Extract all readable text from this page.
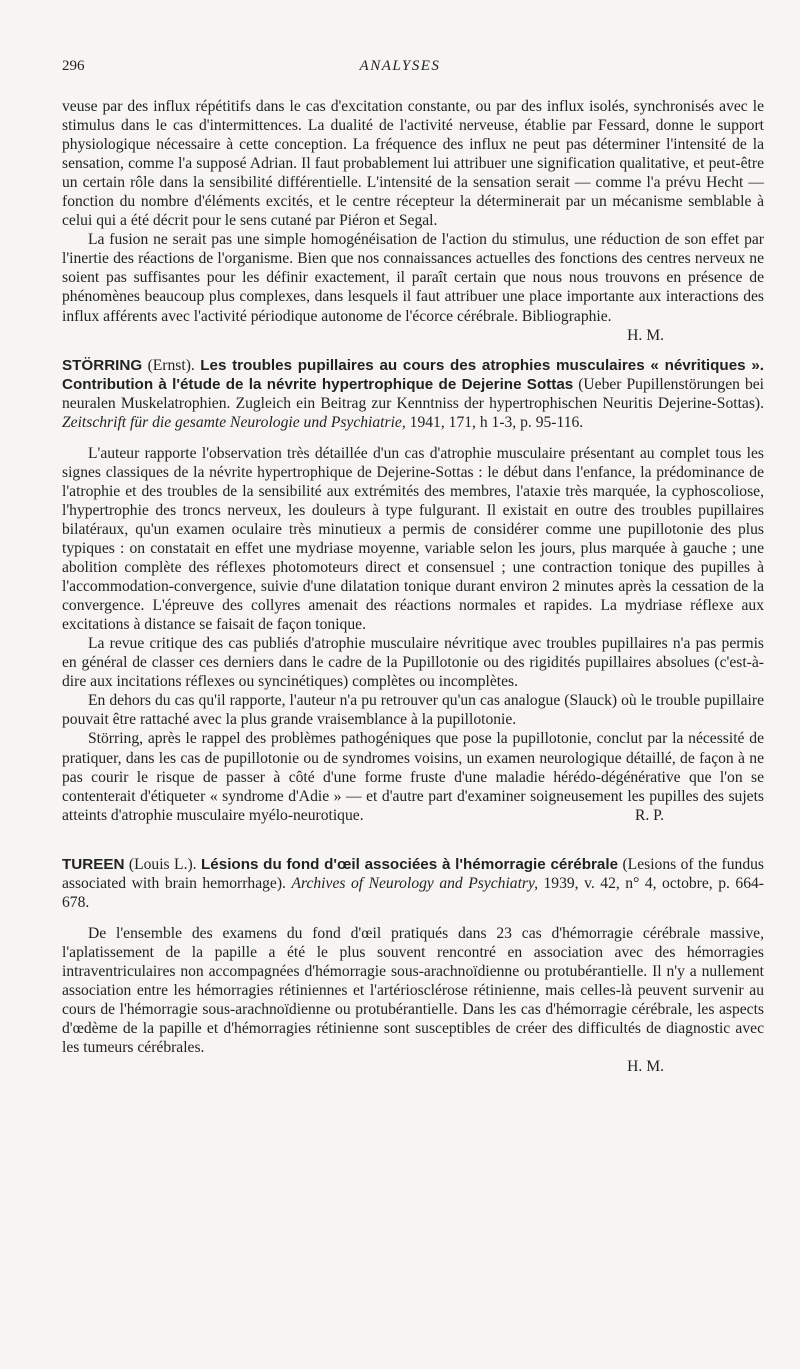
296	ANALYSES

veuse par des influx répétitifs dans le cas d'excitation constante, ou par des influx isolés, synchronisés avec le stimulus dans le cas d'intermittences. La dualité de l'activité nerveuse, établie par Fessard, donne le support physiologique nécessaire à cette conception. La fréquence des influx ne peut pas déterminer l'intensité de la sensation, comme l'a supposé Adrian. Il faut probablement lui attribuer une signification qualitative, et peut-être un certain rôle dans la sensibilité différentielle. L'intensité de la sensation serait — comme l'a prévu Hecht — fonction du nombre d'éléments excités, et le centre récepteur la déterminerait par un mécanisme semblable à celui qui a été décrit pour le sens cutané par Piéron et Segal.

La fusion ne serait pas une simple homogénéisation de l'action du stimulus, une réduction de son effet par l'inertie des réactions de l'organisme. Bien que nos connaissances actuelles des fonctions des centres nerveux ne soient pas suffisantes pour les définir exactement, il paraît certain que nous nous trouvons en présence de phénomènes beaucoup plus complexes, dans lesquels il faut attribuer une place importante aux interactions des influx afférents avec l'activité périodique autonome de l'écorce cérébrale. Bibliographie.
H. M.

STÖRRING (Ernst). Les troubles pupillaires au cours des atrophies musculaires « névritiques ». Contribution à l'étude de la névrite hypertrophique de Dejerine Sottas (Ueber Pupillenstörungen bei neuralen Muskelatrophien. Zugleich ein Beitrag zur Kenntniss der hypertrophischen Neuritis Dejerine-Sottas). Zeitschrift für die gesamte Neurologie und Psychiatrie, 1941, 171, h 1-3, p. 95-116.

L'auteur rapporte l'observation très détaillée d'un cas d'atrophie musculaire présentant au complet tous les signes classiques de la névrite hypertrophique de Dejerine-Sottas : le début dans l'enfance, la prédominance de l'atrophie et des troubles de la sensibilité aux extrémités des membres, l'ataxie très marquée, la cyphoscoliose, l'hypertrophie des troncs nerveux, les douleurs à type fulgurant. Il existait en outre des troubles pupillaires bilatéraux, qu'un examen oculaire très minutieux a permis de considérer comme une pupillotonie des plus typiques : on constatait en effet une mydriase moyenne, variable selon les jours, plus marquée à gauche ; une abolition complète des réflexes photomoteurs direct et consensuel ; une contraction tonique des pupilles à l'accommodation-convergence, suivie d'une dilatation tonique durant environ 2 minutes après la cessation de la convergence. L'épreuve des collyres amenait des réactions normales et rapides. La mydriase réflexe aux excitations à distance se faisait de façon tonique.

La revue critique des cas publiés d'atrophie musculaire névritique avec troubles pupillaires n'a pas permis en général de classer ces derniers dans le cadre de la Pupillotonie ou des rigidités pupillaires absolues (c'est-à-dire aux incitations réflexes ou syncinétiques) complètes ou incomplètes.

En dehors du cas qu'il rapporte, l'auteur n'a pu retrouver qu'un cas analogue (Slauck) où le trouble pupillaire pouvait être rattaché avec la plus grande vraisemblance à la pupillotonie.

Störring, après le rappel des problèmes pathogéniques que pose la pupillotonie, conclut par la nécessité de pratiquer, dans les cas de pupillotonie ou de syndromes voisins, un examen neurologique détaillé, de façon à ne pas courir le risque de passer à côté d'une forme fruste d'une maladie hérédo-dégénérative que l'on se contenterait d'étiqueter « syndrome d'Adie » — et d'autre part d'examiner soigneusement les pupilles des sujets atteints d'atrophie musculaire myélo-neurotique.	R. P.

TUREEN (Louis L.). Lésions du fond d'œil associées à l'hémorragie cérébrale (Lesions of the fundus associated with brain hemorrhage). Archives of Neurology and Psychiatry, 1939, v. 42, n° 4, octobre, p. 664-678.

De l'ensemble des examens du fond d'œil pratiqués dans 23 cas d'hémorragie cérébrale massive, l'aplatissement de la papille a été le plus souvent rencontré en association avec des hémorragies intraventriculaires non accompagnées d'hémorragie sous-arachnoïdienne ou protubérantielle. Il n'y a nullement association entre les hémorragies rétiniennes et l'artériosclérose rétinienne, mais celles-là peuvent survenir au cours de l'hémorragie sous-arachnoïdienne ou protubérantielle. Dans les cas d'hémorragie cérébrale, les aspects d'œdème de la papille et d'hémorragies rétinienne sont susceptibles de créer des difficultés de diagnostic avec les tumeurs cérébrales.

H. M.
